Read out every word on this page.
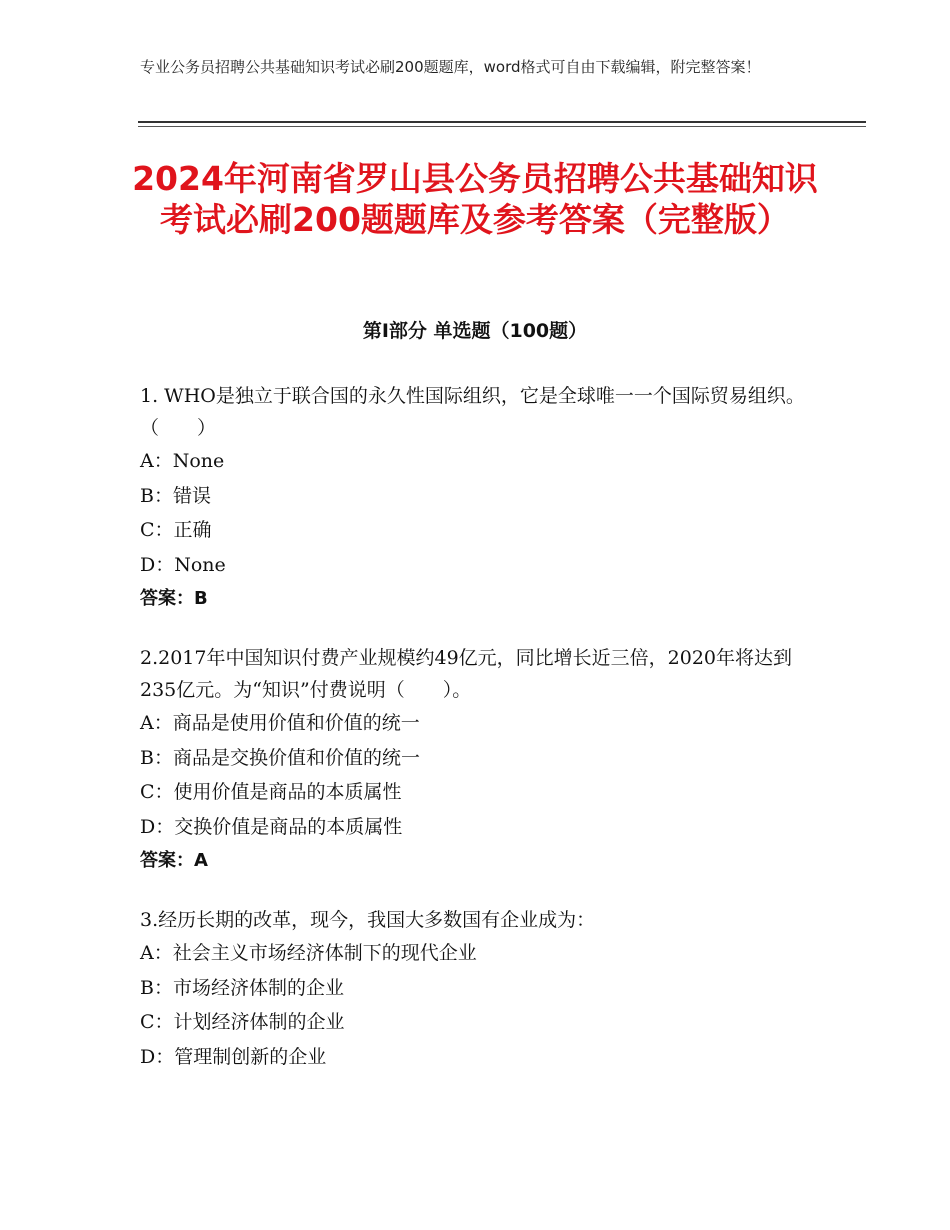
专业公务员招聘公共基础知识考试必刷200题题库，word格式可自由下载编辑，附完整答案！
2024年河南省罗山县公务员招聘公共基础知识考试必刷200题题库及参考答案（完整版）
第Ⅰ部分 单选题（100题）
1. WHO是独立于联合国的永久性国际组织，它是全球唯一一个国际贸易组织。（　　）
A：None
B：错误
C：正确
D：None
答案：B
2.2017年中国知识付费产业规模约49亿元，同比增长近三倍，2020年将达到235亿元。为“知识”付费说明（　　）。
A：商品是使用价值和价值的统一
B：商品是交换价值和价值的统一
C：使用价值是商品的本质属性
D：交换价值是商品的本质属性
答案：A
3.经历长期的改革，现今，我国大多数国有企业成为：
A：社会主义市场经济体制下的现代企业
B：市场经济体制的企业
C：计划经济体制的企业
D：管理制创新的企业
